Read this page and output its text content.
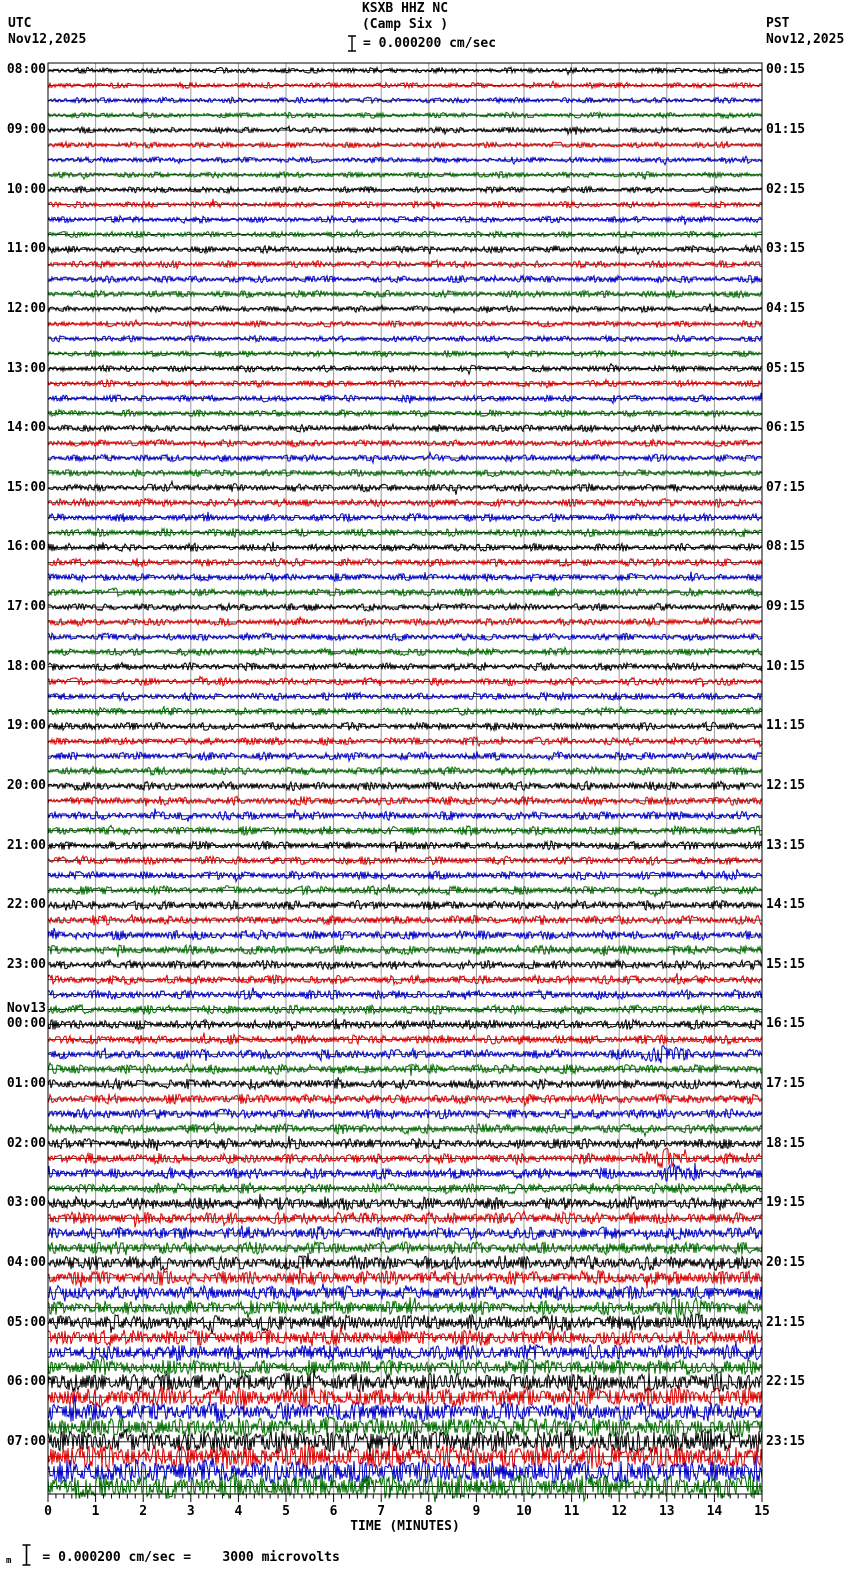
KSXB HHZ NC
(Camp Six )
UTC
Nov12,2025
PST
Nov12,2025
= 0.000200 cm/sec
08:00
09:00
10:00
11:00
12:00
13:00
14:00
15:00
16:00
17:00
18:00
19:00
20:00
21:00
22:00
23:00
Nov13
00:00
01:00
02:00
03:00
04:00
05:00
06:00
07:00
00:15
01:15
02:15
03:15
04:15
05:15
06:15
07:15
08:15
09:15
10:15
11:15
12:15
13:15
14:15
15:15
16:15
17:15
18:15
19:15
20:15
21:15
22:15
23:15
0	1	2	3	4	5	6	7	8	9	10	11	12	13	14	15
TIME (MINUTES)
m = 0.000200 cm/sec =    3000 microvolts
